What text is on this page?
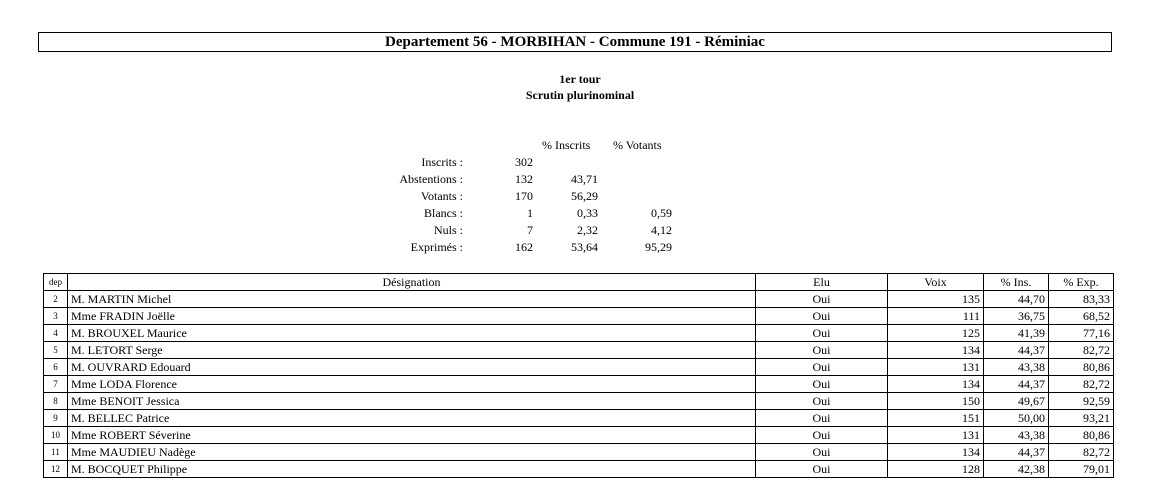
Departement 56 - MORBIHAN - Commune 191 - Réminiac
1er tour
Scrutin plurinominal
% Inscrits % Votants
Inscrits :	302
Abstentions :	132	43,71
Votants :	170	56,29
Blancs :	1	0,33	0,59
Nuls :	7	2,32	4,12
Exprimés :	162	53,64	95,29
dep	Désignation	Elu	Voix	% Ins.	% Exp.
2	M. MARTIN Michel	Oui	135	44,70	83,33
3	Mme FRADIN Joëlle	Oui	111	36,75	68,52
4	M. BROUXEL Maurice	Oui	125	41,39	77,16
5	M. LETORT Serge	Oui	134	44,37	82,72
6	M. OUVRARD Edouard	Oui	131	43,38	80,86
7	Mme LODA Florence	Oui	134	44,37	82,72
8	Mme BENOIT Jessica	Oui	150	49,67	92,59
9	M. BELLEC Patrice	Oui	151	50,00	93,21
10	Mme ROBERT Séverine	Oui	131	43,38	80,86
11	Mme MAUDIEU Nadège	Oui	134	44,37	82,72
12	M. BOCQUET Philippe	Oui	128	42,38	79,01
